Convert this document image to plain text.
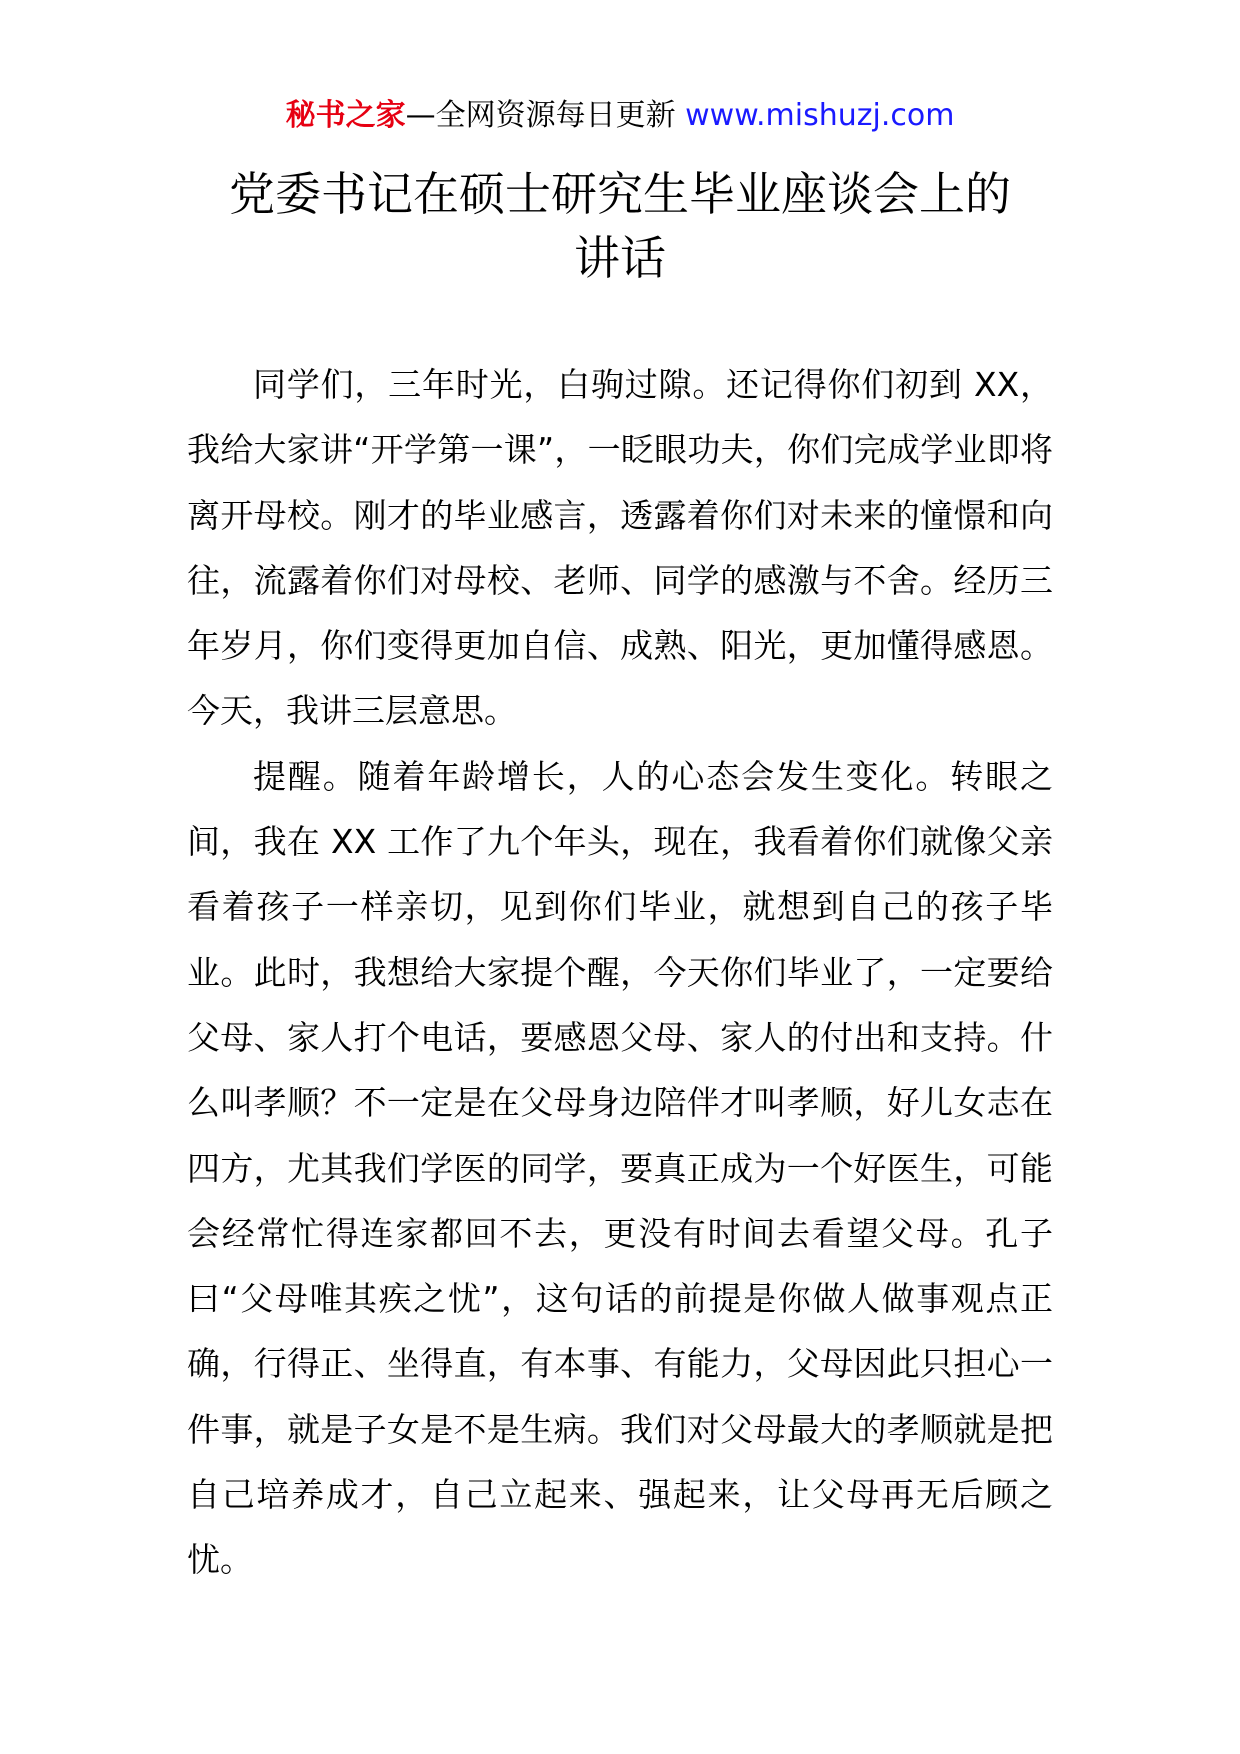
秘书之家—全网资源每日更新 www.mishuzj.com
党委书记在硕士研究生毕业座谈会上的
讲话

同学们，三年时光，白驹过隙。还记得你们初到 XX，我给大家讲“开学第一课”，一眨眼功夫，你们完成学业即将离开母校。刚才的毕业感言，透露着你们对未来的憧憬和向往，流露着你们对母校、老师、同学的感激与不舍。经历三年岁月，你们变得更加自信、成熟、阳光，更加懂得感恩。今天，我讲三层意思。

提醒。随着年龄增长，人的心态会发生变化。转眼之间，我在 XX 工作了九个年头，现在，我看着你们就像父亲看着孩子一样亲切，见到你们毕业，就想到自己的孩子毕业。此时，我想给大家提个醒，今天你们毕业了，一定要给父母、家人打个电话，要感恩父母、家人的付出和支持。什么叫孝顺？不一定是在父母身边陪伴才叫孝顺，好儿女志在四方，尤其我们学医的同学，要真正成为一个好医生，可能会经常忙得连家都回不去，更没有时间去看望父母。孔子曰“父母唯其疾之忧”，这句话的前提是你做人做事观点正确，行得正、坐得直，有本事、有能力，父母因此只担心一件事，就是子女是不是生病。我们对父母最大的孝顺就是把自己培养成才，自己立起来、强起来，让父母再无后顾之忧。
